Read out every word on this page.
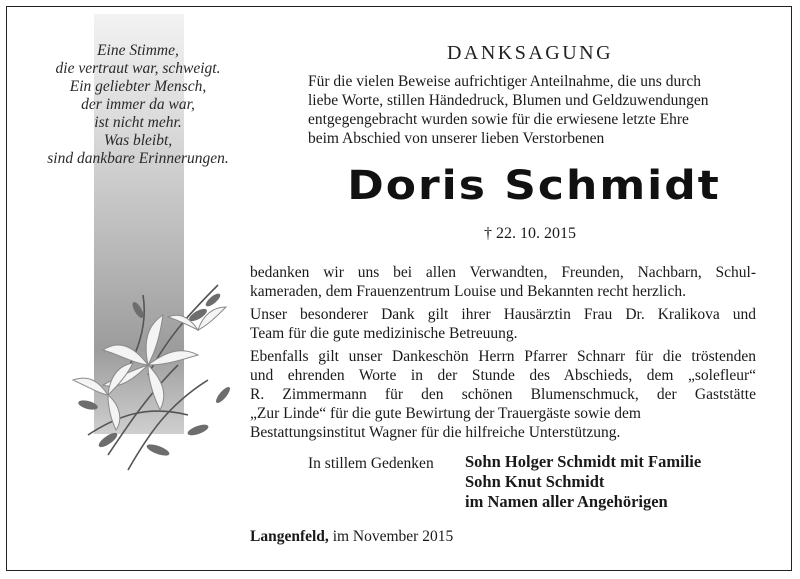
Eine Stimme,
die vertraut war, schweigt.
Ein geliebter Mensch,
der immer da war,
ist nicht mehr.
Was bleibt,
sind dankbare Erinnerungen.
DANKSAGUNG
Für die vielen Beweise aufrichtiger Anteilnahme, die uns durch
liebe Worte, stillen Händedruck, Blumen und Geldzuwendungen
entgegengebracht wurden sowie für die erwiesene letzte Ehre
beim Abschied von unserer lieben Verstorbenen
Doris Schmidt
† 22. 10. 2015

bedanken wir uns bei allen Verwandten, Freunden, Nachbarn, Schul-
kameraden, dem Frauenzentrum Louise und Bekannten recht herzlich.

Unser besonderer Dank gilt ihrer Hausärztin Frau Dr. Kralikova und
Team für die gute medizinische Betreuung.

Ebenfalls gilt unser Dankeschön Herrn Pfarrer Schnarr für die tröstenden
und ehrenden Worte in der Stunde des Abschieds, dem „solefleur“
R. Zimmermann für den schönen Blumenschmuck, der Gaststätte
„Zur Linde“ für die gute Bewirtung der Trauergäste sowie dem
Bestattungsinstitut Wagner für die hilfreiche Unterstützung.

In stillem Gedenken Sohn Holger Schmidt mit Familie
Sohn Knut Schmidt
im Namen aller Angehörigen
Langenfeld, im November 2015
